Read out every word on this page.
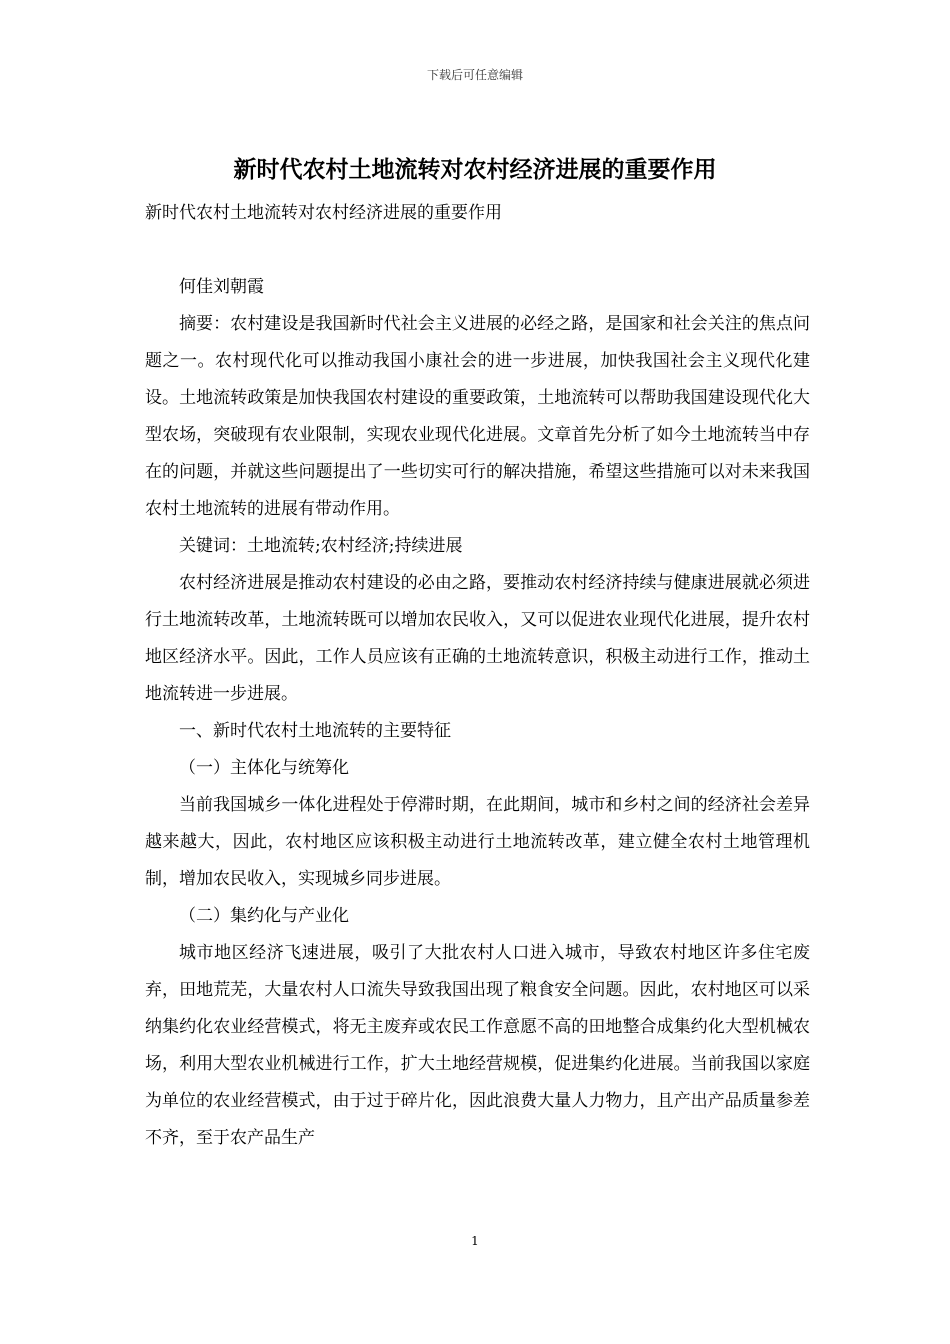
下载后可任意编辑
新时代农村土地流转对农村经济进展的重要作用

新时代农村土地流转对农村经济进展的重要作用

何佳刘朝霞

摘要：农村建设是我国新时代社会主义进展的必经之路，是国家和社会关注的焦点问题之一。农村现代化可以推动我国小康社会的进一步进展，加快我国社会主义现代化建设。土地流转政策是加快我国农村建设的重要政策，土地流转可以帮助我国建设现代化大型农场，突破现有农业限制，实现农业现代化进展。文章首先分析了如今土地流转当中存在的问题，并就这些问题提出了一些切实可行的解决措施，希望这些措施可以对未来我国农村土地流转的进展有带动作用。

关键词：土地流转;农村经济;持续进展

农村经济进展是推动农村建设的必由之路，要推动农村经济持续与健康进展就必须进行土地流转改革，土地流转既可以增加农民收入，又可以促进农业现代化进展，提升农村地区经济水平。因此，工作人员应该有正确的土地流转意识，积极主动进行工作，推动土地流转进一步进展。

一、新时代农村土地流转的主要特征

（一）主体化与统筹化

当前我国城乡一体化进程处于停滞时期，在此期间，城市和乡村之间的经济社会差异越来越大，因此，农村地区应该积极主动进行土地流转改革，建立健全农村土地管理机制，增加农民收入，实现城乡同步进展。

（二）集约化与产业化

城市地区经济飞速进展，吸引了大批农村人口进入城市，导致农村地区许多住宅废弃，田地荒芜，大量农村人口流失导致我国出现了粮食安全问题。因此，农村地区可以采纳集约化农业经营模式，将无主废弃或农民工作意愿不高的田地整合成集约化大型机械农场，利用大型农业机械进行工作，扩大土地经营规模，促进集约化进展。当前我国以家庭为单位的农业经营模式，由于过于碎片化，因此浪费大量人力物力，且产出产品质量参差不齐，至于农产品生产

1
